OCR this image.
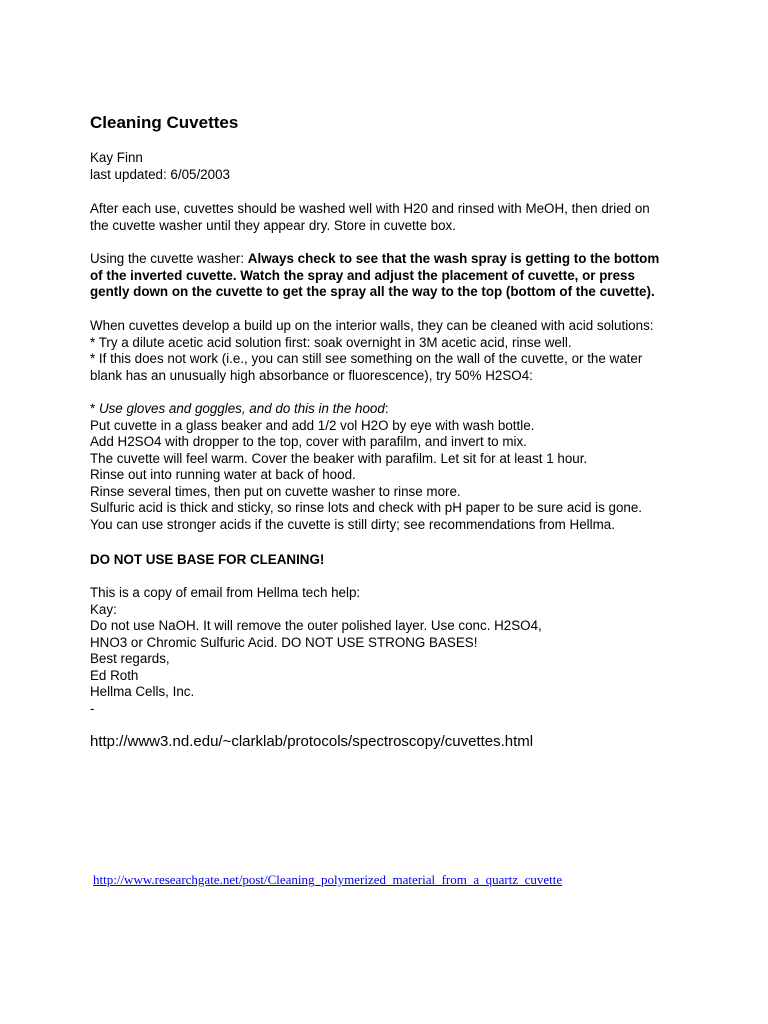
Cleaning Cuvettes
Kay Finn
last updated: 6/05/2003
After each use, cuvettes should be washed well with H20 and rinsed with MeOH, then dried on
the cuvette washer until they appear dry. Store in cuvette box.
Using the cuvette washer: Always check to see that the wash spray is getting to the bottom
of the inverted cuvette. Watch the spray and adjust the placement of cuvette, or press
gently down on the cuvette to get the spray all the way to the top (bottom of the cuvette).
When cuvettes develop a build up on the interior walls, they can be cleaned with acid solutions:
* Try a dilute acetic acid solution first: soak overnight in 3M acetic acid, rinse well.
* If this does not work (i.e., you can still see something on the wall of the cuvette, or the water
blank has an unusually high absorbance or fluorescence), try 50% H2SO4:
* Use gloves and goggles, and do this in the hood:
Put cuvette in a glass beaker and add 1/2 vol H2O by eye with wash bottle.
Add H2SO4 with dropper to the top, cover with parafilm, and invert to mix.
The cuvette will feel warm. Cover the beaker with parafilm. Let sit for at least 1 hour.
Rinse out into running water at back of hood.
Rinse several times, then put on cuvette washer to rinse more.
Sulfuric acid is thick and sticky, so rinse lots and check with pH paper to be sure acid is gone.
You can use stronger acids if the cuvette is still dirty; see recommendations from Hellma.
DO NOT USE BASE FOR CLEANING!
This is a copy of email from Hellma tech help:
Kay:
Do not use NaOH. It will remove the outer polished layer. Use conc. H2SO4,
HNO3 or Chromic Sulfuric Acid. DO NOT USE STRONG BASES!
Best regards,
Ed Roth
Hellma Cells, Inc.
-
http://www3.nd.edu/~clarklab/protocols/spectroscopy/cuvettes.html
http://www.researchgate.net/post/Cleaning_polymerized_material_from_a_quartz_cuvette
